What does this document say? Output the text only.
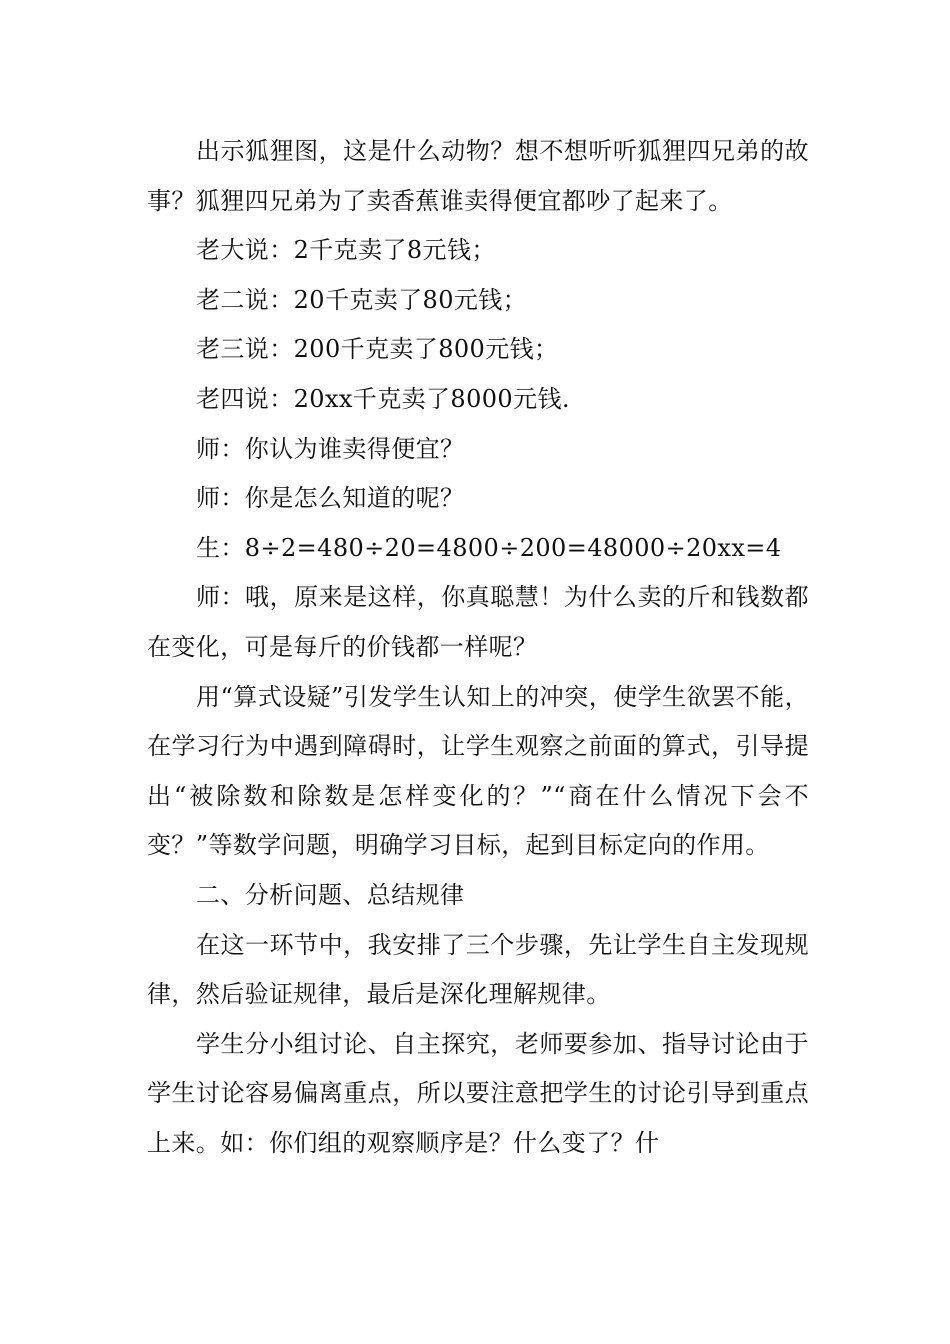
出示狐狸图，这是什么动物？想不想听听狐狸四兄弟的故事？狐狸四兄弟为了卖香蕉谁卖得便宜都吵了起来了。

老大说：2千克卖了8元钱；

老二说：20千克卖了80元钱；

老三说：200千克卖了800元钱；

老四说：20xx千克卖了8000元钱.

师：你认为谁卖得便宜？

师：你是怎么知道的呢？

生：8÷2=480÷20=4800÷200=48000÷20xx=4

师：哦，原来是这样，你真聪慧！为什么卖的斤和钱数都在变化，可是每斤的价钱都一样呢？

用“算式设疑”引发学生认知上的冲突，使学生欲罢不能，在学习行为中遇到障碍时，让学生观察之前面的算式，引导提出“被除数和除数是怎样变化的？”“商在什么情况下会不变？”等数学问题，明确学习目标，起到目标定向的作用。

二、分析问题、总结规律

在这一环节中，我安排了三个步骤，先让学生自主发现规律，然后验证规律，最后是深化理解规律。

学生分小组讨论、自主探究，老师要参加、指导讨论由于学生讨论容易偏离重点，所以要注意把学生的讨论引导到重点上来。如：你们组的观察顺序是？什么变了？什
